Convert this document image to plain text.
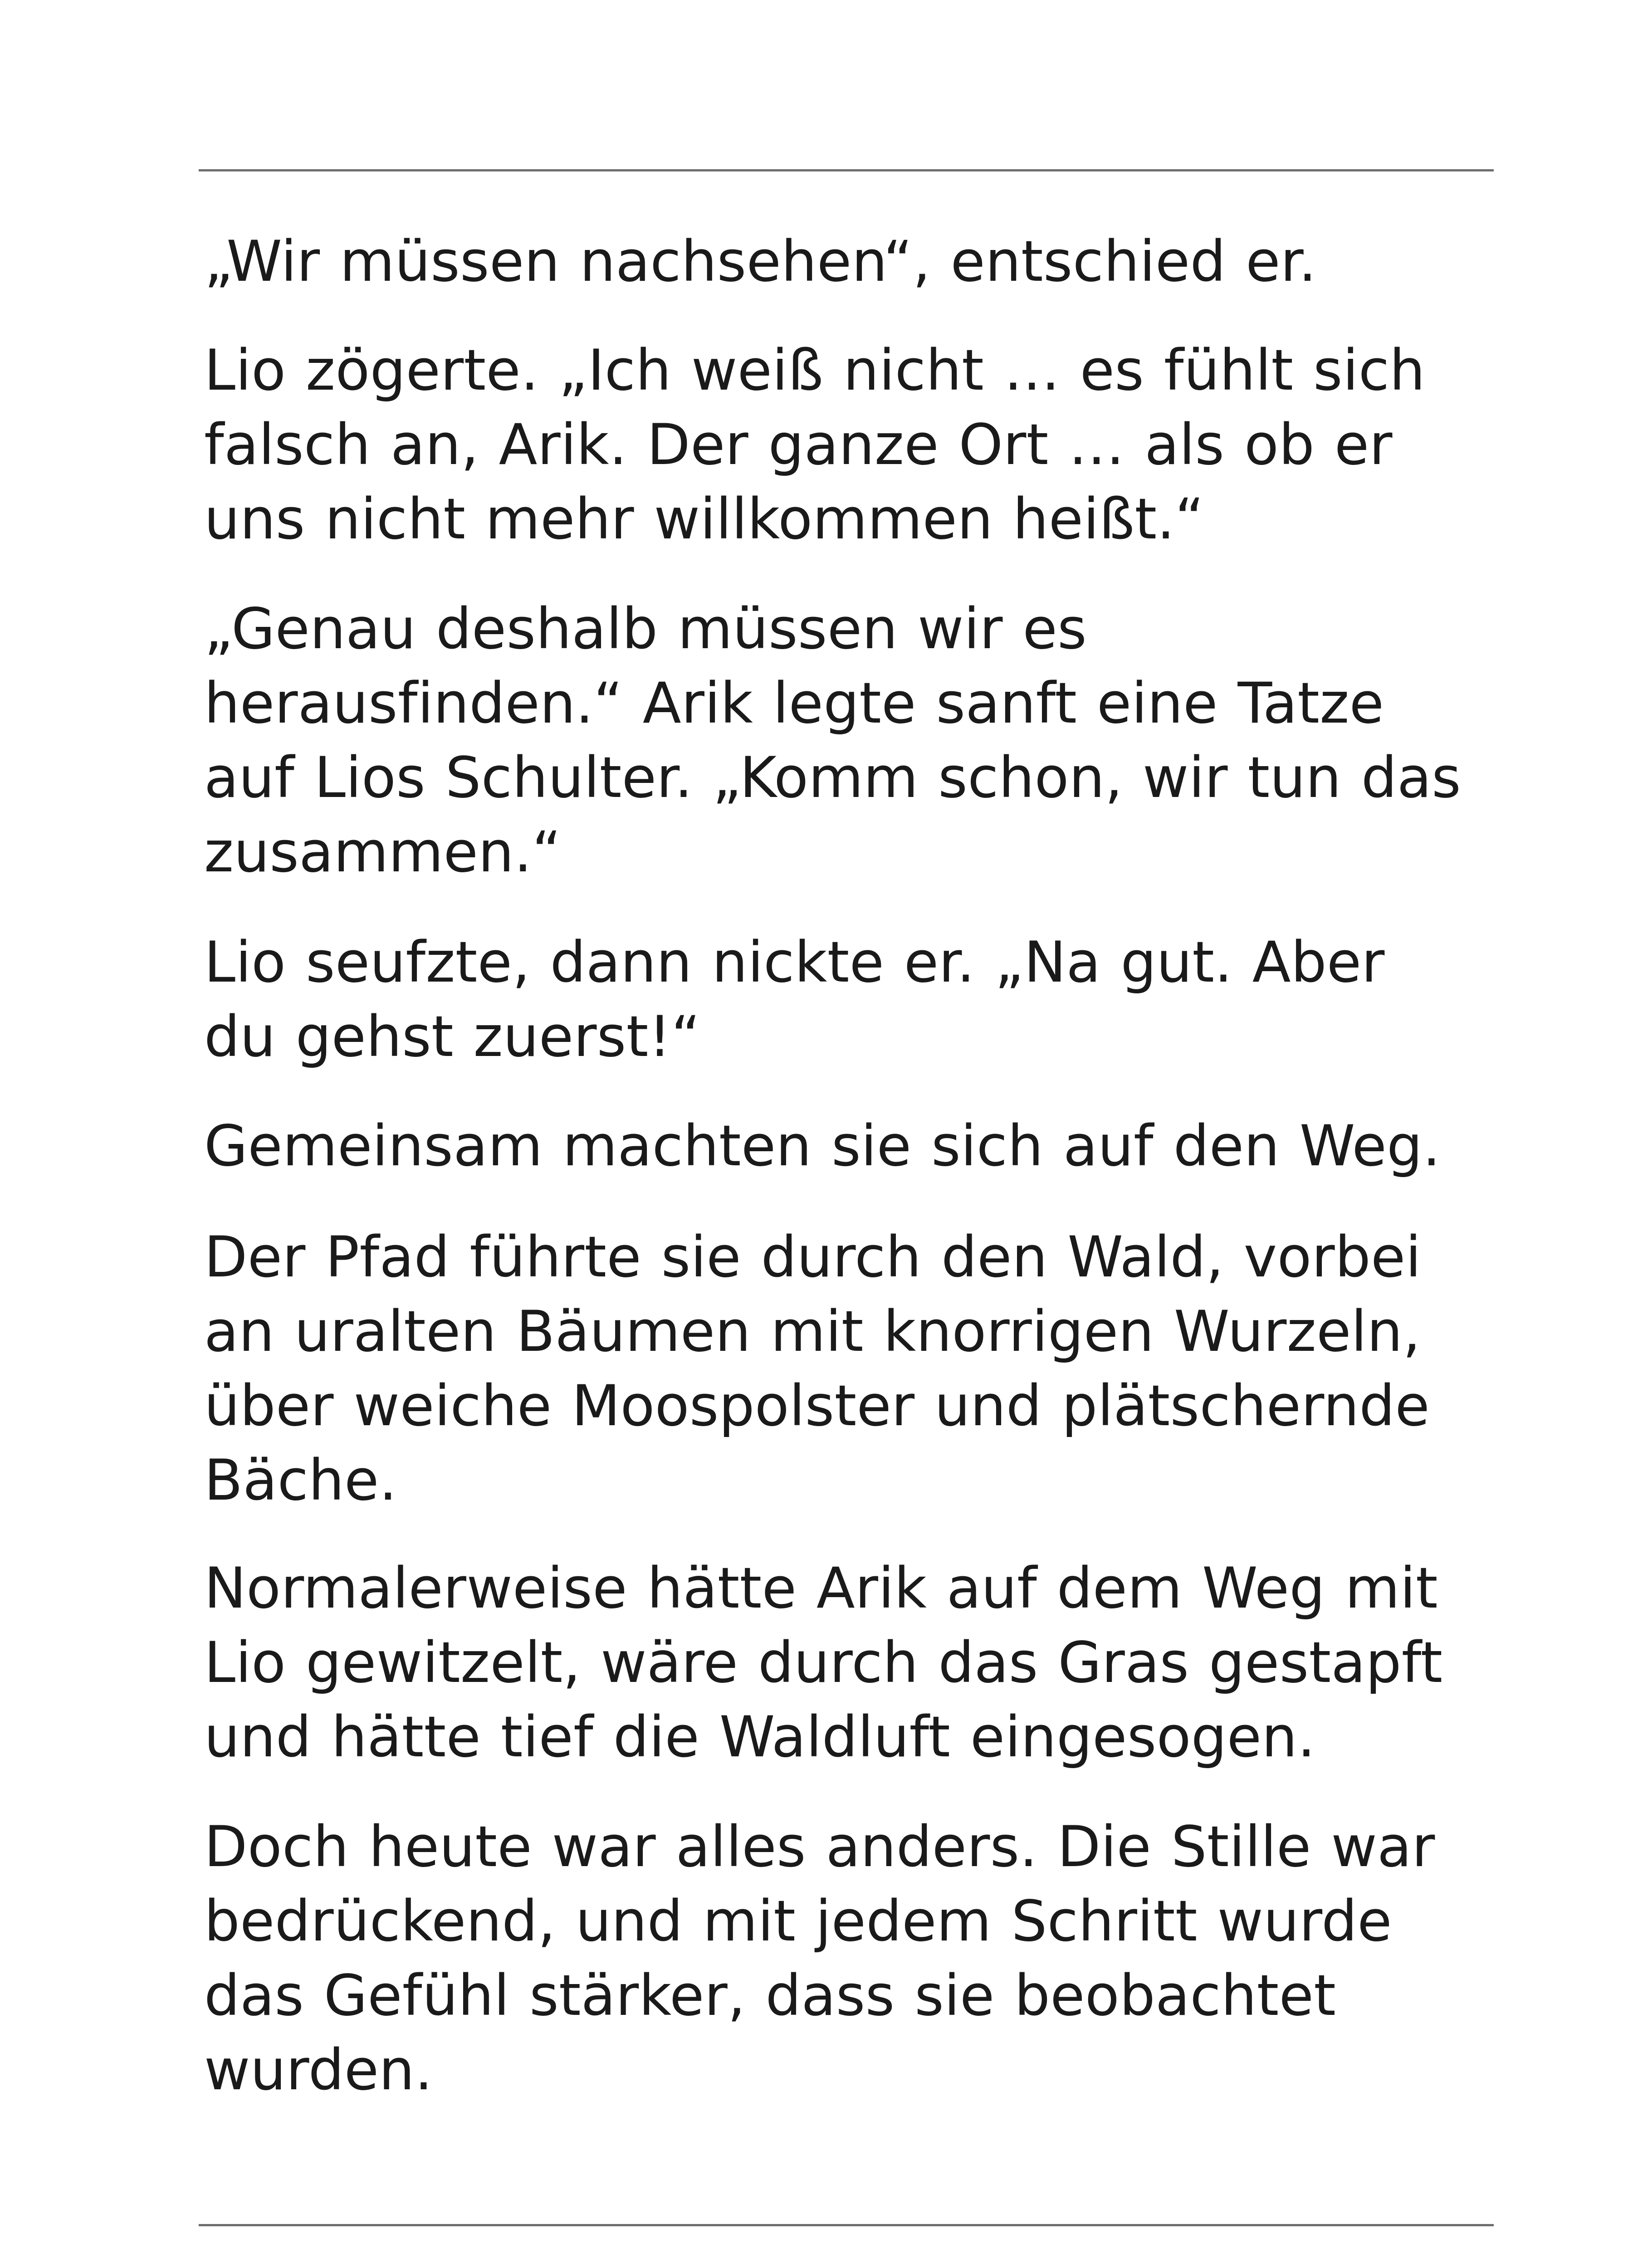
„Wir müssen nachsehen“, entschied er.

Lio zögerte. „Ich weiß nicht … es fühlt sich
falsch an, Arik. Der ganze Ort … als ob er
uns nicht mehr willkommen heißt.“

„Genau deshalb müssen wir es
herausfinden.“ Arik legte sanft eine Tatze
auf Lios Schulter. „Komm schon, wir tun das
zusammen.“

Lio seufzte, dann nickte er. „Na gut. Aber
du gehst zuerst!“

Gemeinsam machten sie sich auf den Weg.

Der Pfad führte sie durch den Wald, vorbei
an uralten Bäumen mit knorrigen Wurzeln,
über weiche Moospolster und plätschernde
Bäche.

Normalerweise hätte Arik auf dem Weg mit
Lio gewitzelt, wäre durch das Gras gestapft
und hätte tief die Waldluft eingesogen.

Doch heute war alles anders. Die Stille war
bedrückend, und mit jedem Schritt wurde
das Gefühl stärker, dass sie beobachtet
wurden.
